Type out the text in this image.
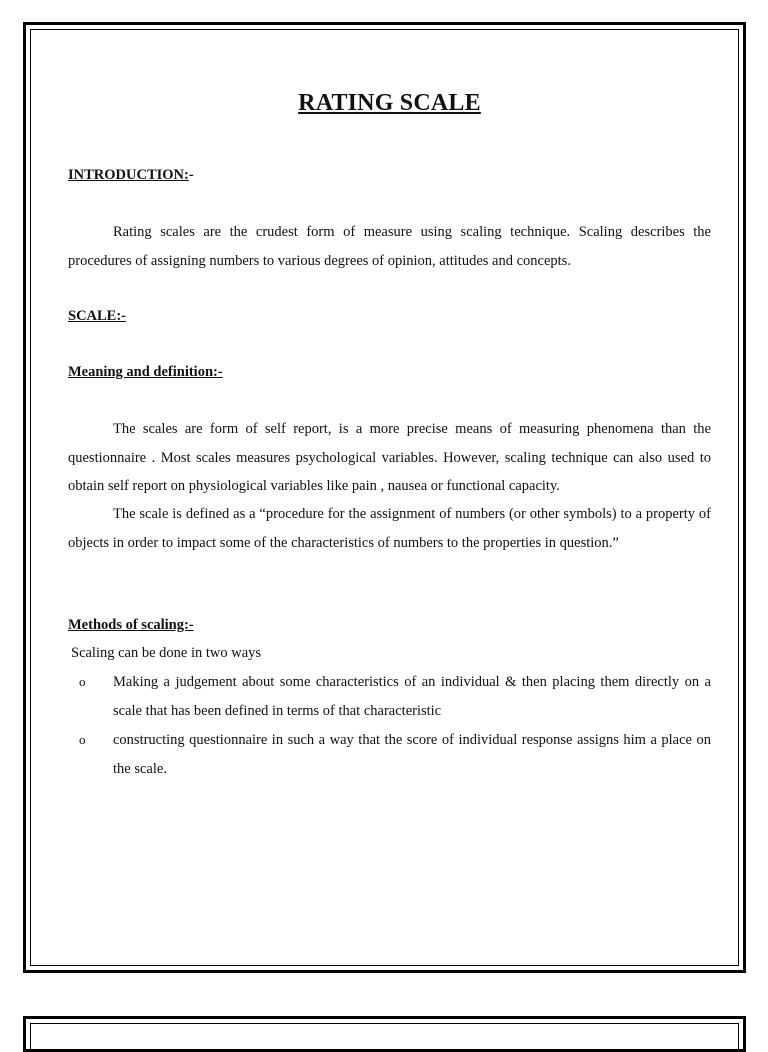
RATING SCALE
INTRODUCTION:-
Rating scales are the crudest form of measure using scaling technique. Scaling describes the procedures of assigning numbers to various degrees of opinion, attitudes and concepts.
SCALE:-
Meaning and definition:-
The scales are form of self report, is a more precise means of measuring phenomena than the questionnaire . Most scales measures psychological variables. However, scaling technique can also used to obtain self report on physiological variables like pain , nausea or functional capacity.
The scale is defined as a “procedure for the assignment of numbers (or other symbols) to a property of objects in order to impact some of the characteristics of numbers to the properties in question.”
Methods of scaling:-
Scaling can be done in two ways
o Making a judgement about some characteristics of an individual & then placing them directly on a scale that has been defined in terms of that characteristic
o constructing questionnaire in such a way that the score of individual response assigns him a place on the scale.
